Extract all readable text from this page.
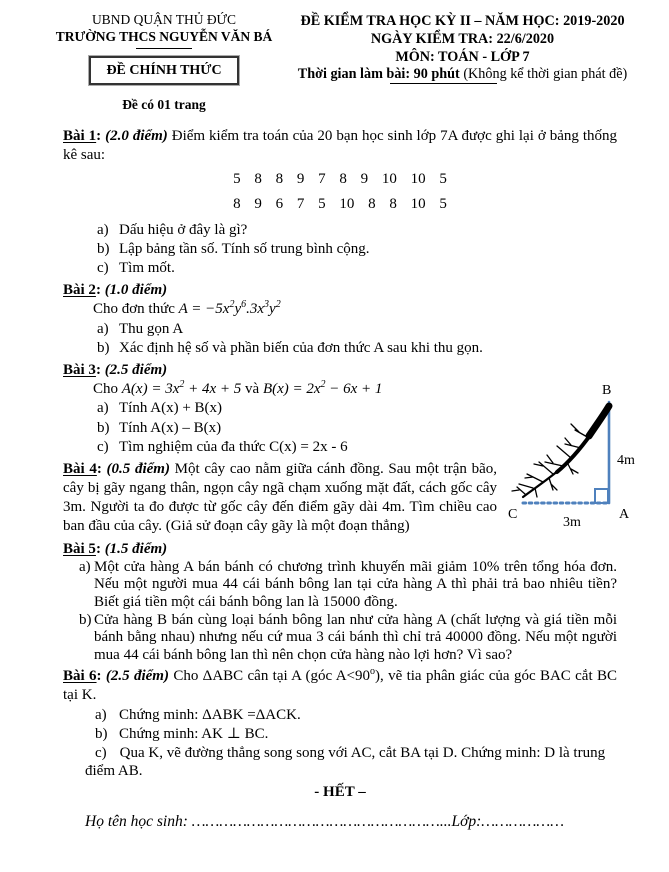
UBND QUẬN THỦ ĐỨC
TRƯỜNG THCS NGUYỄN VĂN BÁ
ĐỀ CHÍNH THỨC
Đề có 01 trang
ĐỀ KIỂM TRA HỌC KỲ II – NĂM HỌC: 2019-2020
NGÀY KIỂM TRA: 22/6/2020
MÔN: TOÁN - LỚP 7
Thời gian làm bài: 90 phút (Không kể thời gian phát đề)

Bài 1: (2.0 điểm) Điểm kiểm tra toán của 20 bạn học sinh lớp 7A được ghi lại ở bảng thống kê sau:

5 8 8 9 7 8 9 10 10 5

8 9 6 7 5 10 8 8 10 5

a) Dấu hiệu ở đây là gì?
b) Lập bảng tần số. Tính số trung bình cộng.
c) Tìm mốt.

Bài 2: (1.0 điểm)

Cho đơn thức $A = -5x^2y^6.3x^3y^2$

a) Thu gọn A
b) Xác định hệ số và phần biến của đơn thức A sau khi thu gọn.

Bài 3: (2.5 điểm)

B
4m
A
C
3m
Cho $A(x) = 3x^2 + 4x + 5$ và $B(x) = 2x^2 - 6x + 1$

a) Tính A(x) + B(x)
b) Tính A(x) – B(x)
c) Tìm nghiệm của đa thức C(x) = 2x - 6

Bài 4: (0.5 điểm) Một cây cao nằm giữa cánh đồng. Sau một trận bão, cây bị gãy ngang thân, ngọn cây ngã chạm xuống mặt đất, cách gốc cây 3m. Người ta đo được từ gốc cây đến điểm gãy dài 4m. Tìm chiều cao ban đầu của cây. (Giả sử đoạn cây gãy là một đoạn thẳng)

Bài 5: (1.5 điểm)

a) Một cửa hàng A bán bánh có chương trình khuyến mãi giảm 10% trên tổng hóa đơn. Nếu một người mua 44 cái bánh bông lan tại cửa hàng A thì phải trả bao nhiêu tiền? Biết giá tiền một cái bánh bông lan là 15000 đồng.
b) Cửa hàng B bán cùng loại bánh bông lan như cửa hàng A (chất lượng và giá tiền mỗi bánh bằng nhau) nhưng nếu cứ mua 3 cái bánh thì chỉ trả 40000 đồng. Nếu một người mua 44 cái bánh bông lan thì nên chọn cửa hàng nào lợi hơn? Vì sao?

Bài 6: (2.5 điểm) Cho ΔABC cân tại A (góc $A<90^o$), vẽ tia phân giác của góc BAC cắt BC tại K.

a) Chứng minh: ΔABK =ΔACK.
b) Chứng minh: AK ⊥ BC.

c) Qua K, vẽ đường thẳng song song với AC, cắt BA tại D. Chứng minh: D là trung điểm AB.

- HẾT –

Họ tên học sinh: ………………………………………………...Lớp:………………
